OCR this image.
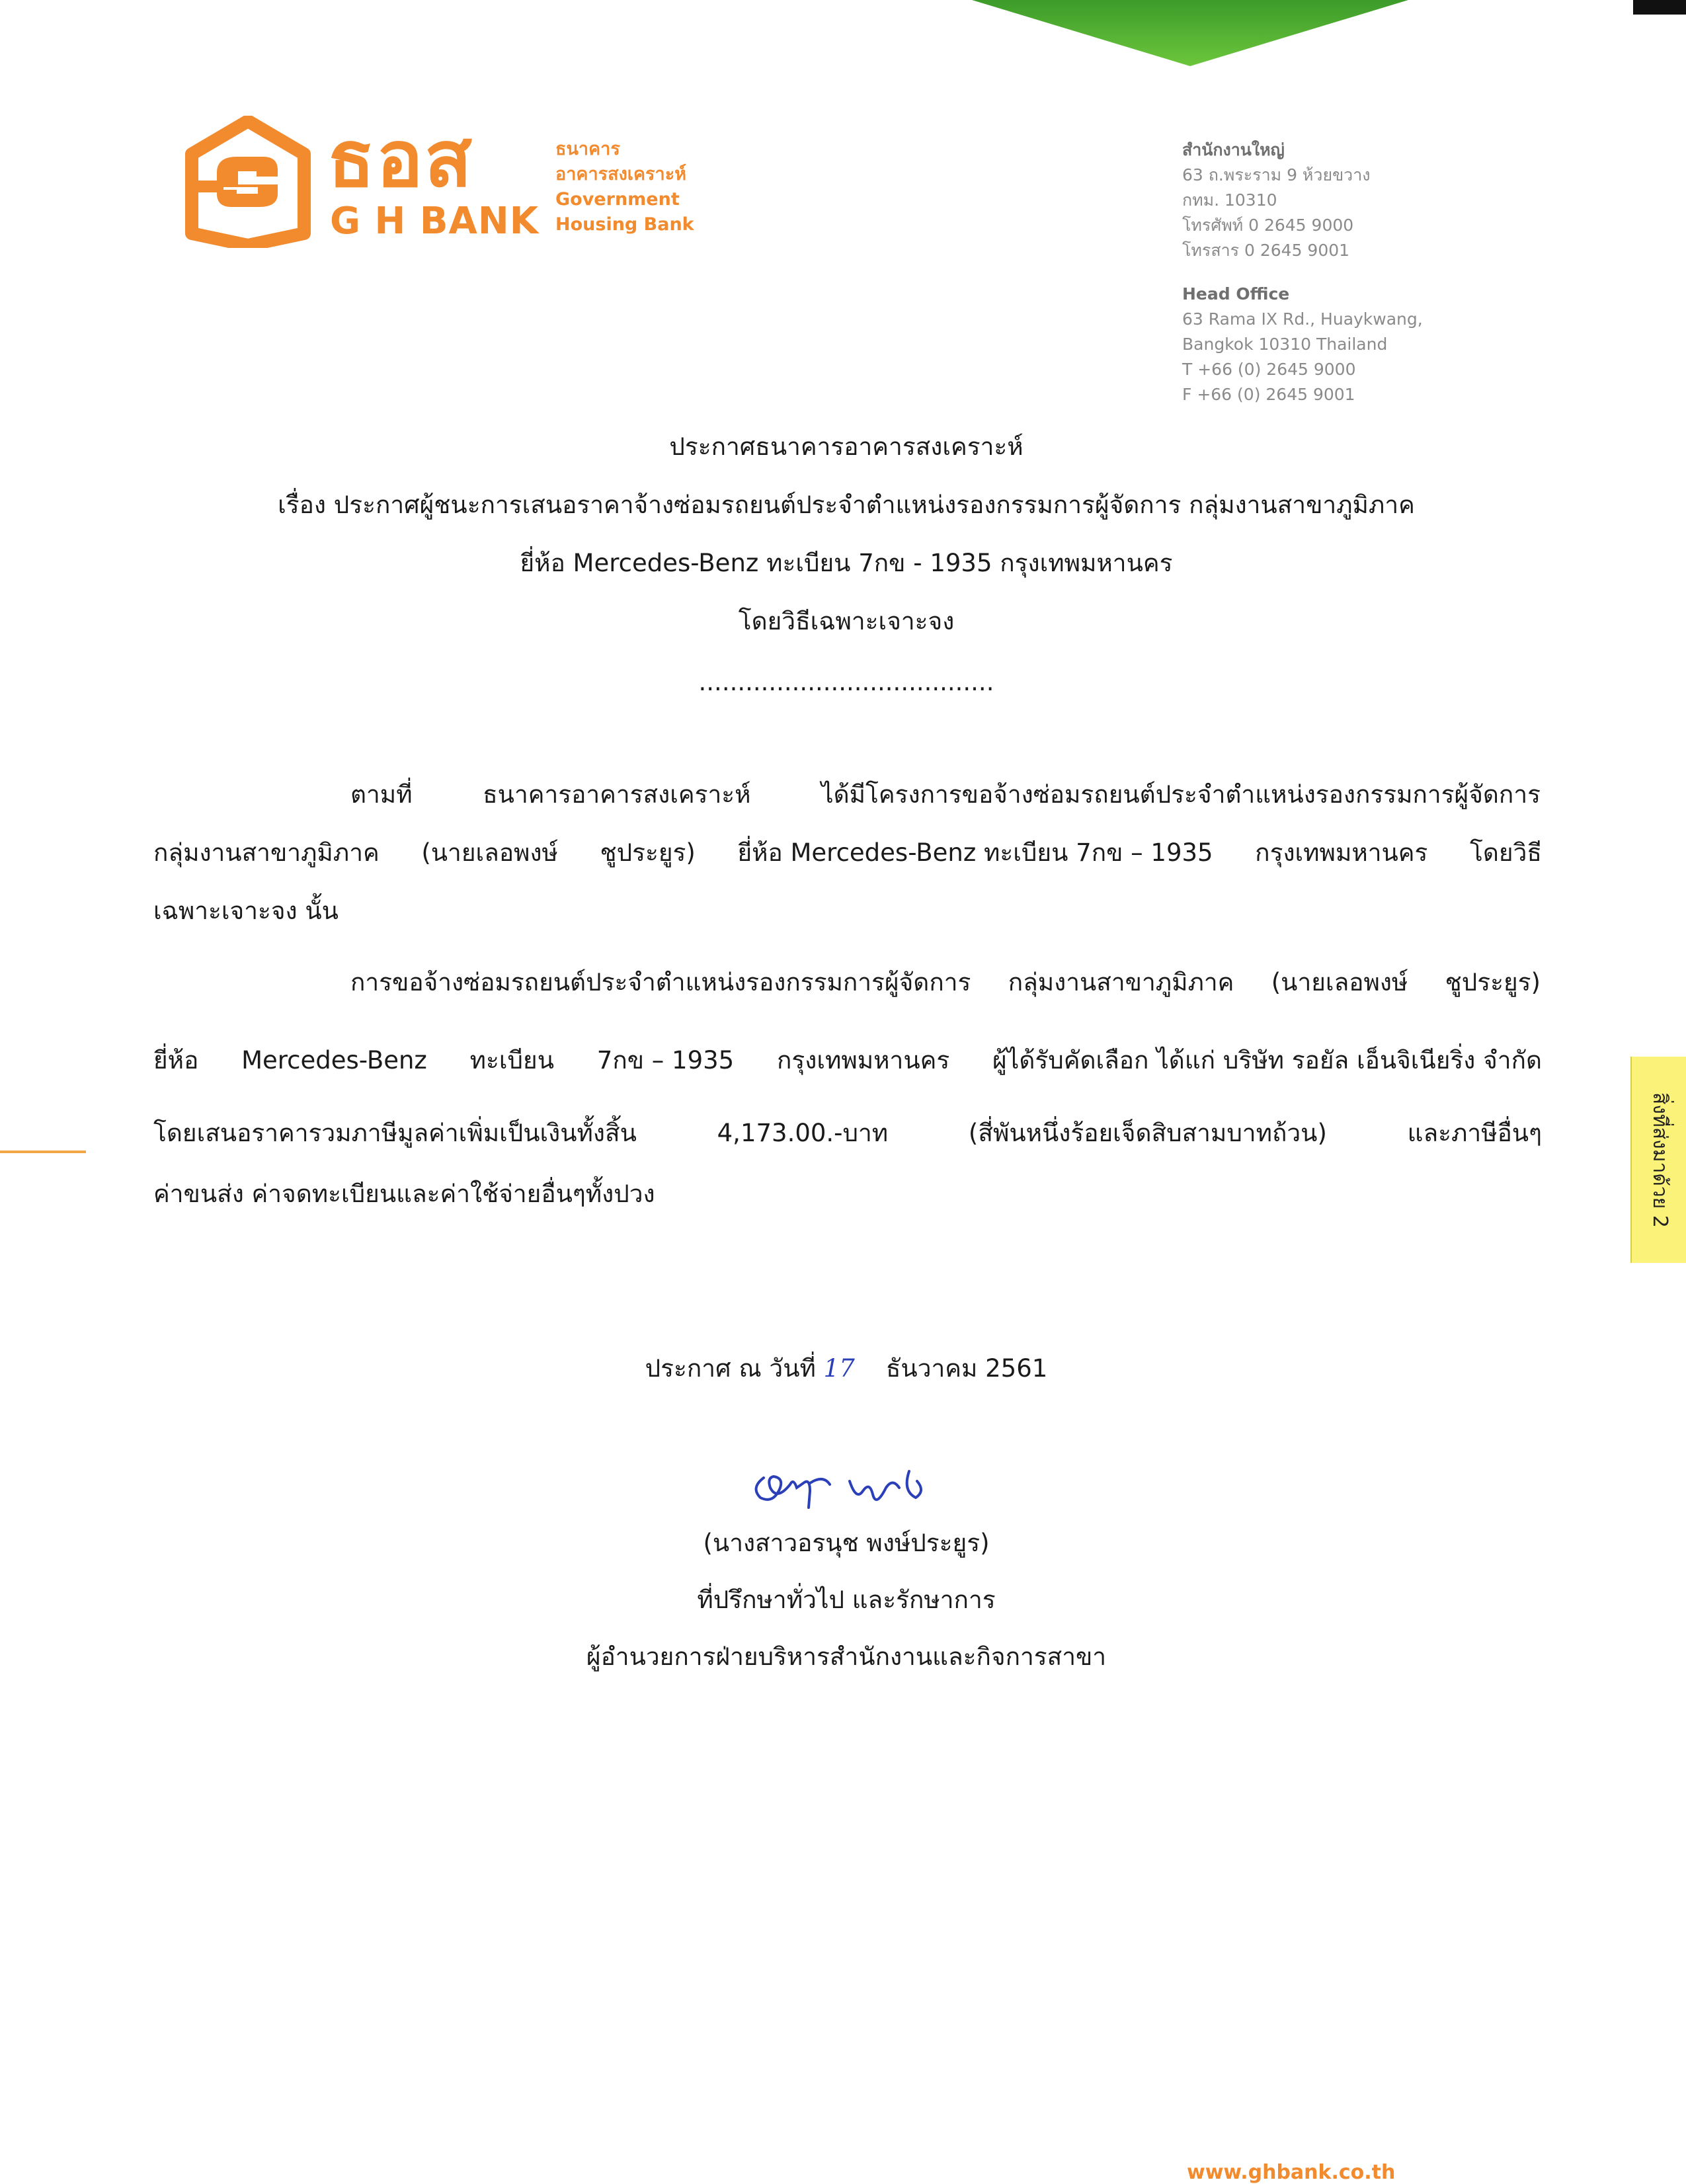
ธอส
G H BANK
ธนาคาร
อาคารสงเคราะห์
Government
Housing Bank
สำนักงานใหญ่
63 ถ.พระราม 9 ห้วยขวาง
กทม. 10310
โทรศัพท์ 0 2645 9000
โทรสาร 0 2645 9001
Head Office
63 Rama IX Rd., Huaykwang,
Bangkok 10310 Thailand
T +66 (0) 2645 9000
F +66 (0) 2645 9001
ประกาศธนาคารอาคารสงเคราะห์
เรื่อง ประกาศผู้ชนะการเสนอราคาจ้างซ่อมรถยนต์ประจำตำแหน่งรองกรรมการผู้จัดการ กลุ่มงานสาขาภูมิภาค
ยี่ห้อ Mercedes-Benz ทะเบียน 7กข - 1935 กรุงเทพมหานคร
โดยวิธีเฉพาะเจาะจง
......................................
ตามที่	ธนาคารอาคารสงเคราะห์	ได้มีโครงการขอจ้างซ่อมรถยนต์ประจำตำแหน่งรองกรรมการผู้จัดการ
กลุ่มงานสาขาภูมิภาค (นายเลอพงษ์ ชูประยูร) ยี่ห้อ Mercedes-Benz ทะเบียน 7กข – 1935 กรุงเทพมหานคร โดยวิธี
เฉพาะเจาะจง นั้น
การขอจ้างซ่อมรถยนต์ประจำตำแหน่งรองกรรมการผู้จัดการ กลุ่มงานสาขาภูมิภาค (นายเลอพงษ์ ชูประยูร)
ยี่ห้อ Mercedes-Benz ทะเบียน 7กข – 1935 กรุงเทพมหานคร ผู้ได้รับคัดเลือก ได้แก่ บริษัท รอยัล เอ็นจิเนียริ่ง จำกัด
โดยเสนอราคารวมภาษีมูลค่าเพิ่มเป็นเงินทั้งสิ้น	4,173.00.-บาท	(สี่พันหนึ่งร้อยเจ็ดสิบสามบาทถ้วน)	และภาษีอื่นๆ
ค่าขนส่ง ค่าจดทะเบียนและค่าใช้จ่ายอื่นๆทั้งปวง
ประกาศ ณ วันที่ 17 ธันวาคม 2561
(นางสาวอรนุช พงษ์ประยูร)
ที่ปรึกษาทั่วไป และรักษาการ
ผู้อำนวยการฝ่ายบริหารสำนักงานและกิจการสาขา
สิ่งที่ส่งมาด้วย 2
www.ghbank.co.th
